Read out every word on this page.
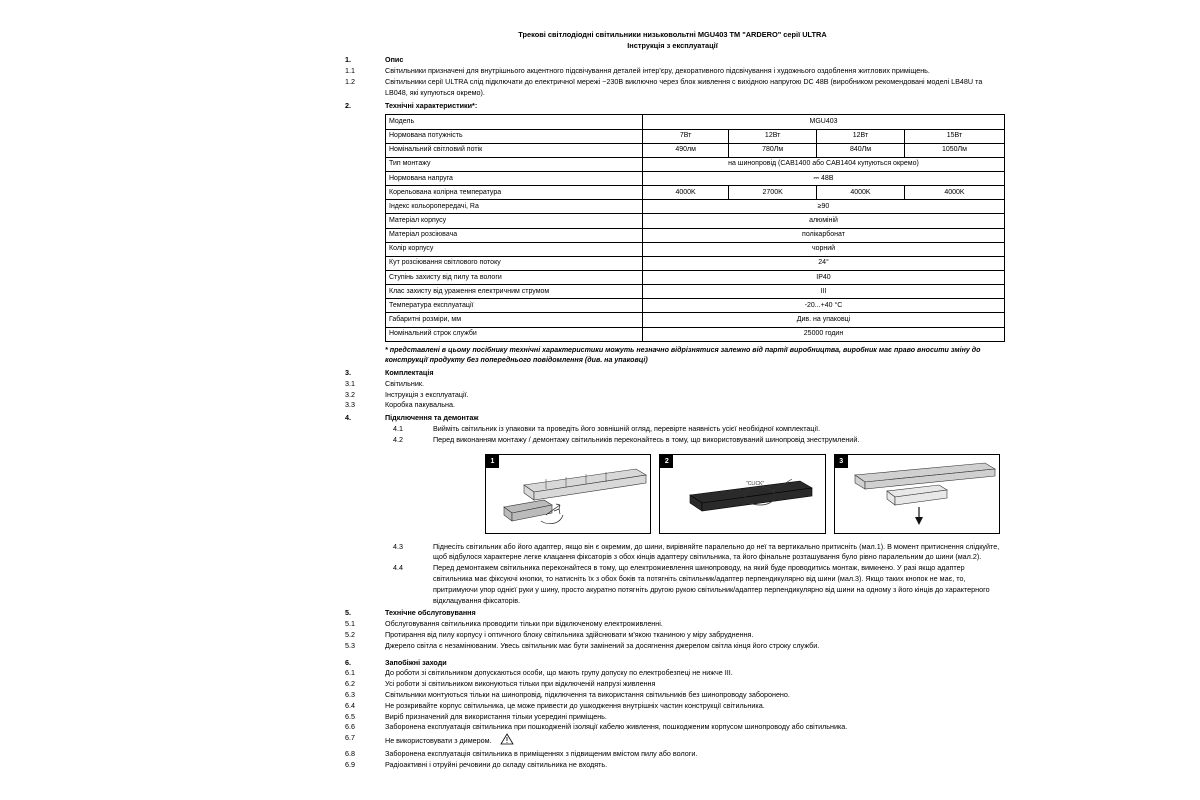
Трекові світлодіодні світильники низьковольтні MGU403 ТМ "ARDERO" серії ULTRA
Інструкція з експлуатації
1.	Опис
1.1	Світильники призначені для внутрішнього акцентного підсвічування деталей інтер'єру, декоративного підсвічування і художнього оздоблення житлових приміщень.
1.2	Світильники серії ULTRA слід підключати до електричної мережі ~230В виключно через блок живлення с вихідною напругою DC 48В (виробником рекомендовані моделі LB48U та LB048, які купуються окремо).
2.	Технічні характеристики*:
Модель	MGU403			
Нормована потужність	7Вт	12Вт	12Вт	15Вт
Номінальний світловий потік	490лм	780Лм	840Лм	1050Лм
Тип монтажу	на шинопровід (CAB1400 або CAB1404 купуються окремо)			
Нормована напруга	⎓ 48В			
Корельована колірна температура	4000K	2700K	4000K	4000K
Індекс кольоропередачі, Ra	≥90			
Матеріал корпусу	алюміній			
Матеріал розсіювача	полікарбонат			
Колір корпусу	чорний			
Кут розсіювання світлового потоку	24°			
Ступінь захисту від пилу та вологи	IP40			
Клас захисту від ураження електричним струмом	III			
Температура експлуатації	-20...+40 °С			
Габаритні розміри, мм	Див. на упаковці			
Номінальний строк служби	25000 годин			
* представлені в цьому посібнику технічні характеристики можуть незначно відрізнятися залежно від партії виробництва, виробник має право вносити зміну до конструкції продукту без попереднього повідомлення (див. на упаковці)
3.	Комплектація
3.1	Світильник.
3.2	Інструкція з експлуатації.
3.3	Коробка пакувальна.
4.	Підключення та демонтаж
4.1	Вийміть світильник із упаковки та проведіть його зовнішній огляд, перевірте наявність усієї необхідної комплектації.
4.2	Перед виконанням монтажу / демонтажу світильників переконайтесь в тому, що використовуваний шинопровід знеструмлений.
1	2
"CLICK"
3
4.3	Піднесіть світильник або його адаптер, якщо він є окремим, до шини, вирівняйте паралельно до неї та вертикально притисніть (мал.1). В момент притиснення слідкуйте, щоб відбулося характерне легке клацання фіксаторів з обох кінців адаптеру світильника, та його фінальне розташування було рівно паралельним до шини (мал.2).
4.4	Перед демонтажем світильника переконайтеся в тому, що електрожиевлення шинопроводу, на який буде проводитись монтаж, вимкнено. У разі якщо адаптер світильника має фіксуючі кнопки, то натисніть їх з обох боків та потягніть світильник/адаптер перпендикулярно від шини (мал.3). Якщо таких кнопок не має, то, притримуючи упор однієї руки у шину, просто акуратно потягніть другою рукою світильник/адаптер перпендикулярно від шини на одному з його кінців до характерного відклацування фіксаторів.
5.	Технічне обслуговування
5.1	Обслуговування світильника проводити тільки при відключеному електроживленні.
5.2	Протирання від пилу корпусу і оптичного блоку світильника здійснювати м'якою тканиною у міру забруднення.
5.3	Джерело світла є незамінюваним. Увесь світильник має бути замінений за досягнення джерелом світла кінця його строку служби.
6.	Запобіжні заходи
6.1	До роботи зі світильником допускаються особи, що мають групу допуску по електробезпеці не нижче III.
6.2	Усі роботи зі світильником виконуються тільки при відключеній напрузі живлення
6.3	Світильники монтуються тільки на шинопровід, підключення та використання світильників без шинопроводу заборонено.
6.4	Не розкривайте корпус світильника, це може привести до ушкодження внутрішніх частин конструкції світильника.
6.5	Виріб призначений для використання тільки усередині приміщень.
6.6	Заборонена експлуатація світильника при пошкодженій ізоляції кабелю живлення, пошкодженим корпусом шинопроводу або світильника.
6.7	Не використовувати з димером.
6.8	Заборонена експлуатація світильника в приміщеннях з підвищеним вмістом пилу або вологи.
6.9	Радіоактивні і отруйні речовини до складу світильника не входять.
